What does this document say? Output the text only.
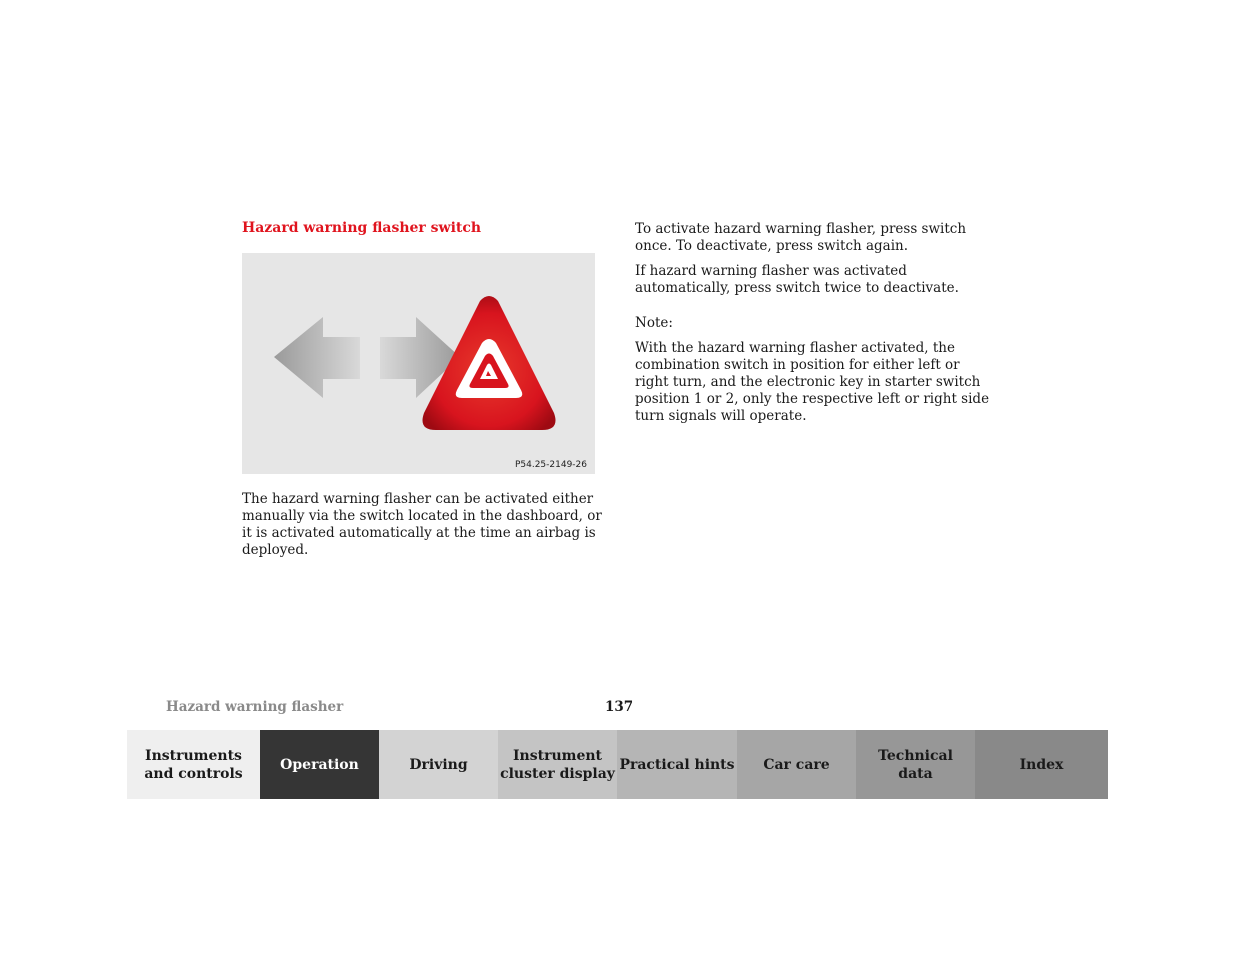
Hazard warning flasher switch
P54.25-2149-26

The hazard warning flasher can be activated either manually via the switch located in the dashboard, or it is activated automatically at the time an airbag is deployed.

To activate hazard warning flasher, press switch once. To deactivate, press switch again.

If hazard warning flasher was activated automatically, press switch twice to deactivate.

Note:

With the hazard warning flasher activated, the combination switch in position for either left or right turn, and the electronic key in starter switch position 1 or 2, only the respective left or right side turn signals will operate.

Hazard warning flasher	137
Instruments
and controls
Operation	Driving
Instrument
cluster display
Practical hints	Car care
Technical
data
Index
